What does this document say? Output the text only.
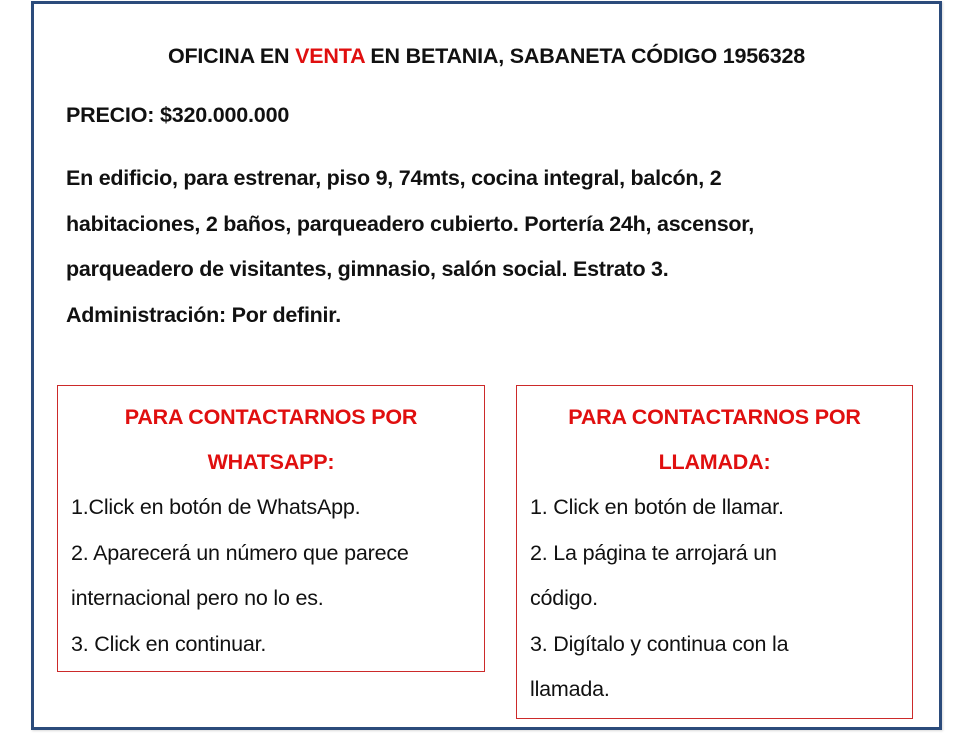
OFICINA EN VENTA EN BETANIA, SABANETA CÓDIGO 1956328
PRECIO: $320.000.000
En edificio, para estrenar, piso 9, 74mts, cocina integral, balcón, 2
habitaciones, 2 baños, parqueadero cubierto. Portería 24h, ascensor,
parqueadero de visitantes, gimnasio, salón social. Estrato 3.
Administración: Por definir.
PARA CONTACTARNOS POR
WHATSAPP:
1.Click en botón de WhatsApp.
2. Aparecerá un número que parece
internacional pero no lo es.
3. Click en continuar.
PARA CONTACTARNOS POR
LLAMADA:
1. Click en botón de llamar.
2. La página te arrojará un
código.
3. Digítalo y continua con la
llamada.
